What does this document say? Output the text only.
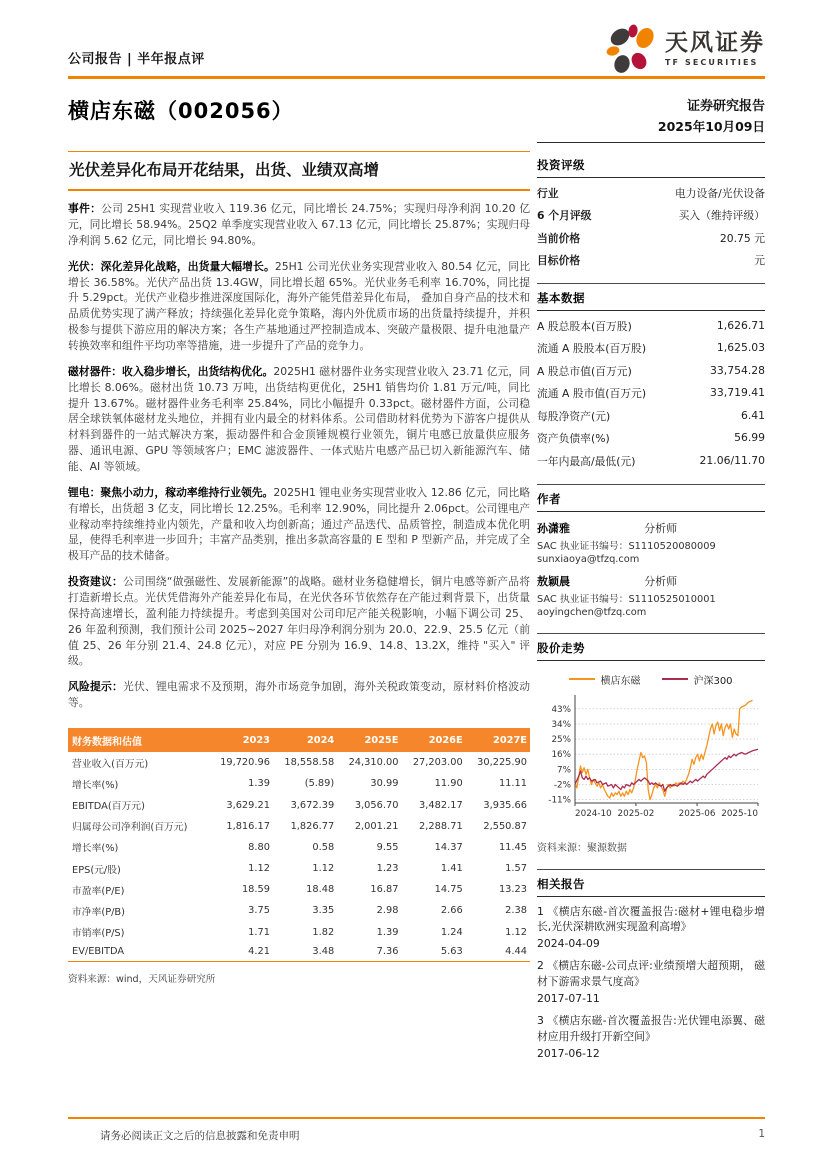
公司报告 | 半年报点评
天风证券
TF SECURITIES
横店东磁（002056）	证券研究报告
2025年10月09日
光伏差异化布局开花结果，出货、业绩双高增

事件：公司 25H1 实现营业收入 119.36 亿元，同比增长 24.75%；实现归母净利润 10.20 亿元，同比增长 58.94%。25Q2 单季度实现营业收入 67.13 亿元，同比增长 25.87%；实现归母净利润 5.62 亿元，同比增长 94.80%。

光伏：深化差异化战略，出货量大幅增长。25H1 公司光伏业务实现营业收入 80.54 亿元，同比增长 36.58%。光伏产品出货 13.4GW，同比增长超 65%。光伏业务毛利率 16.70%，同比提升 5.29pct。光伏产业稳步推进深度国际化，海外产能凭借差异化布局， 叠加自身产品的技术和品质优势实现了满产释放；持续强化差异化竞争策略，海内外优质市场的出货量持续提升，并积极参与提供下游应用的解决方案；各生产基地通过严控制造成本、突破产量极限、提升电池量产转换效率和组件平均功率等措施，进一步提升了产品的竞争力。

磁材器件：收入稳步增长，出货结构优化。2025H1 磁材器件业务实现营业收入 23.71 亿元，同比增长 8.06%。磁材出货 10.73 万吨，出货结构更优化，25H1 销售均价 1.81 万元/吨，同比提升 13.67%。磁材器件业务毛利率 25.84%，同比小幅提升 0.33pct。磁材器件方面，公司稳居全球铁氧体磁材龙头地位，并拥有业内最全的材料体系。公司借助材料优势为下游客户提供从材料到器件的一站式解决方案，振动器件和合金顶锤规模行业领先，铜片电感已放量供应服务器、通讯电源、GPU 等领域客户；EMC 滤波器件、一体式贴片电感产品已切入新能源汽车、储能、AI 等领域。

锂电：聚焦小动力，稼动率维持行业领先。2025H1 锂电业务实现营业收入 12.86 亿元，同比略有增长，出货超 3 亿支，同比增长 12.25%。毛利率 12.90%，同比提升 2.06pct。公司锂电产业稼动率持续维持业内领先，产量和收入均创新高；通过产品迭代、品质管控，制造成本优化明显，使得毛利率进一步回升；丰富产品类别，推出多款高容量的 E 型和 P 型新产品，并完成了全极耳产品的技术储备。

投资建议：公司围绕“做强磁性、发展新能源”的战略。磁材业务稳健增长，铜片电感等新产品将打造新增长点。光伏凭借海外产能差异化布局，在光伏各环节依然存在产能过剩背景下，出货量保持高速增长，盈利能力持续提升。考虑到美国对公司印尼产能关税影响，小幅下调公司 25、26 年盈利预测，我们预计公司 2025~2027 年归母净利润分别为 20.0、22.9、25.5 亿元（前值 25、26 年分别 21.4、24.8 亿元），对应 PE 分别为 16.9、14.8、13.2X，维持 "买入" 评级。

风险提示：光伏、锂电需求不及预期，海外市场竞争加剧，海外关税政策变动，原材料价格波动等。

财务数据和估值	2023	2024	2025E	2026E	2027E
营业收入(百万元)	19,720.96	18,558.58	24,310.00	27,203.00	30,225.90
增长率(%)	1.39	(5.89)	30.99	11.90	11.11
EBITDA(百万元)	3,629.21	3,672.39	3,056.70	3,482.17	3,935.66
归属母公司净利润(百万元)	1,816.17	1,826.77	2,001.21	2,288.71	2,550.87
增长率(%)	8.80	0.58	9.55	14.37	11.45
EPS(元/股)	1.12	1.12	1.23	1.41	1.57
市盈率(P/E)	18.59	18.48	16.87	14.75	13.23
市净率(P/B)	3.75	3.35	2.98	2.66	2.38
市销率(P/S)	1.71	1.82	1.39	1.24	1.12
EV/EBITDA	4.21	3.48	7.36	5.63	4.44
资料来源：wind，天风证券研究所
投资评级
行业	电力设备/光伏设备
6 个月评级	买入（维持评级）
当前价格	20.75 元
目标价格	元
基本数据
A 股总股本(百万股)	1,626.71
流通 A 股股本(百万股)	1,625.03
A 股总市值(百万元)	33,754.28
流通 A 股市值(百万元)	33,719.41
每股净资产(元)	6.41
资产负债率(%)	56.99
一年内最高/最低(元)	21.06/11.70
作者
孙潇雅	分析师
SAC 执业证书编号：S1110520080009
sunxiaoya@tfzq.com
敖颖晨	分析师
SAC 执业证书编号：S1110525010001
aoyingchen@tfzq.com
股价走势
横店东磁	沪深300
43%
34%
25%
16%
7%
-2%
-11%
2024-10 2025-02	2025-06 2025-10
资料来源：聚源数据
相关报告
1 《横店东磁-首次覆盖报告:磁材+锂电稳步增长,光伏深耕欧洲实现盈利高增》
2024-04-09
2 《横店东磁-公司点评:业绩预增大超预期， 磁材下游需求景气度高》
2017-07-11
3 《横店东磁-首次覆盖报告:光伏锂电添翼、磁材应用升级打开新空间》
2017-06-12
请务必阅读正文之后的信息披露和免责申明	1
